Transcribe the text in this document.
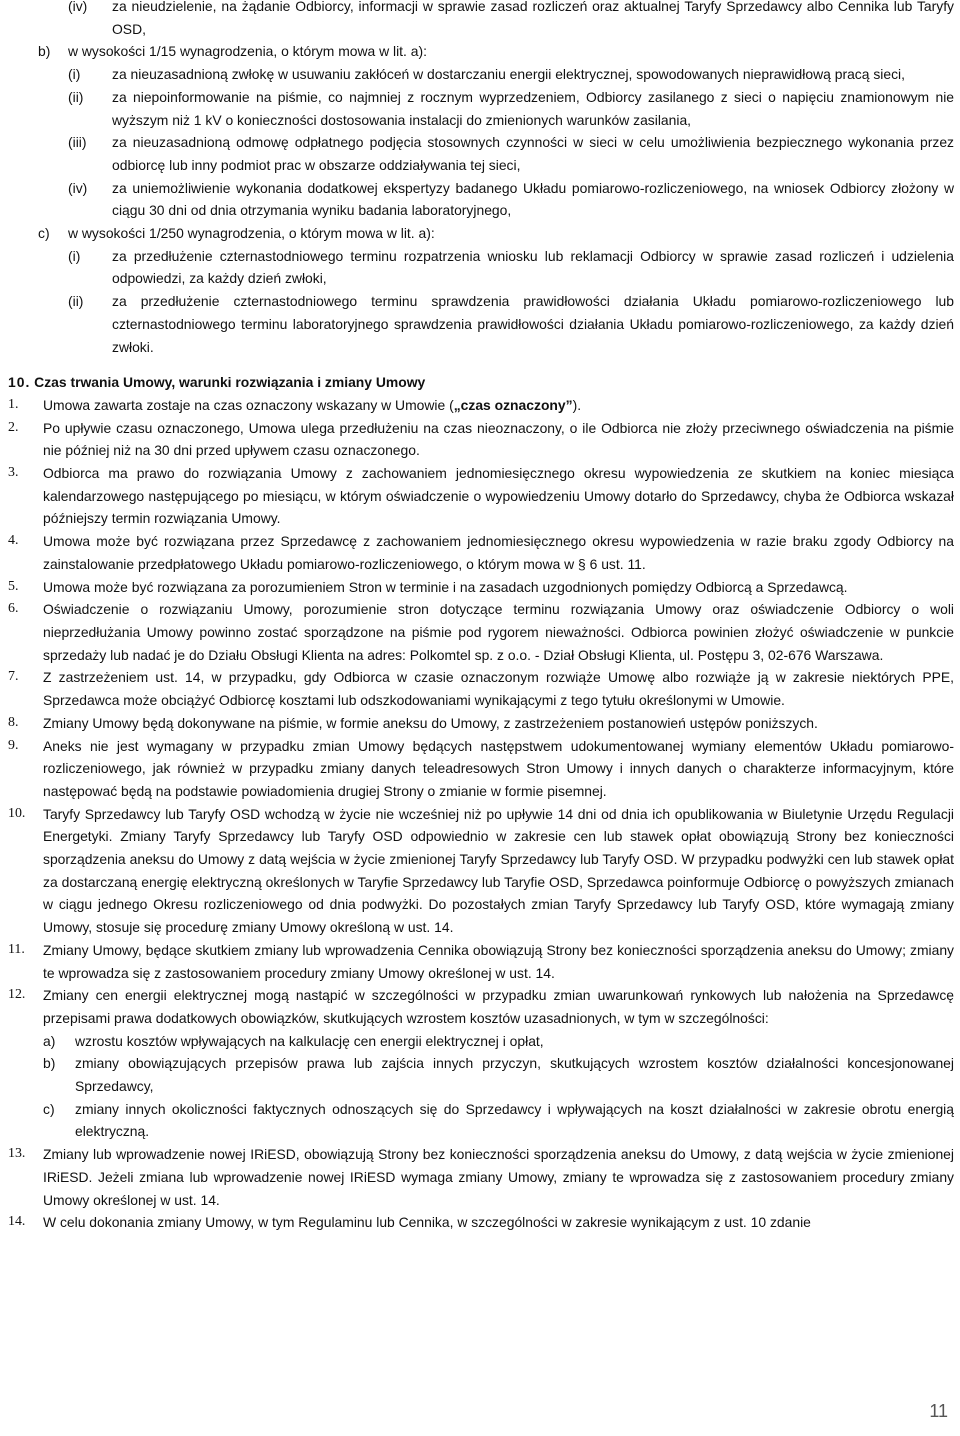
(iv)	za nieudzielenie, na żądanie Odbiorcy, informacji w sprawie zasad rozliczeń oraz aktualnej Taryfy Sprzedawcy albo Cennika lub Taryfy OSD,
b)	w wysokości 1/15 wynagrodzenia, o którym mowa w lit. a):
(i)	za nieuzasadnioną zwłokę w usuwaniu zakłóceń w dostarczaniu energii elektrycznej, spowodowanych nieprawidłową pracą sieci,
(ii)	za niepoinformowanie na piśmie, co najmniej z rocznym wyprzedzeniem, Odbiorcy zasilanego z sieci o napięciu znamionowym nie wyższym niż 1 kV o konieczności dostosowania instalacji do zmienionych warunków zasilania,
(iii)	za nieuzasadnioną odmowę odpłatnego podjęcia stosownych czynności w sieci w celu umożliwienia bezpiecznego wykonania przez odbiorcę lub inny podmiot prac w obszarze oddziaływania tej sieci,
(iv)	za uniemożliwienie wykonania dodatkowej ekspertyzy badanego Układu pomiarowo-rozliczeniowego, na wniosek Odbiorcy złożony w ciągu 30 dni od dnia otrzymania wyniku badania laboratoryjnego,
c)	w wysokości 1/250 wynagrodzenia, o którym mowa w lit. a):
(i)	za przedłużenie czternastodniowego terminu rozpatrzenia wniosku lub reklamacji Odbiorcy w sprawie zasad rozliczeń i udzielenia odpowiedzi, za każdy dzień zwłoki,
(ii)	za przedłużenie czternastodniowego terminu sprawdzenia prawidłowości działania Układu pomiarowo-rozliczeniowego lub czternastodniowego terminu laboratoryjnego sprawdzenia prawidłowości działania Układu pomiarowo-rozliczeniowego, za każdy dzień zwłoki.
10. Czas trwania Umowy, warunki rozwiązania i zmiany Umowy
1. Umowa zawarta zostaje na czas oznaczony wskazany w Umowie („czas oznaczony”).
2. Po upływie czasu oznaczonego, Umowa ulega przedłużeniu na czas nieoznaczony, o ile Odbiorca nie złoży przeciwnego oświadczenia na piśmie nie później niż na 30 dni przed upływem czasu oznaczonego.
3. Odbiorca ma prawo do rozwiązania Umowy z zachowaniem jednomiesięcznego okresu wypowiedzenia ze skutkiem na koniec miesiąca kalendarzowego następującego po miesiącu, w którym oświadczenie o wypowiedzeniu Umowy dotarło do Sprzedawcy, chyba że Odbiorca wskazał późniejszy termin rozwiązania Umowy.
4. Umowa może być rozwiązana przez Sprzedawcę z zachowaniem jednomiesięcznego okresu wypowiedzenia w razie braku zgody Odbiorcy na zainstalowanie przedpłatowego Układu pomiarowo-rozliczeniowego, o którym mowa w § 6 ust. 11.
5. Umowa może być rozwiązana za porozumieniem Stron w terminie i na zasadach uzgodnionych pomiędzy Odbiorcą a Sprzedawcą.
6. Oświadczenie o rozwiązaniu Umowy, porozumienie stron dotyczące terminu rozwiązania Umowy oraz oświadczenie Odbiorcy o woli nieprzedłużania Umowy powinno zostać sporządzone na piśmie pod rygorem nieważności. Odbiorca powinien złożyć oświadczenie w punkcie sprzedaży lub nadać je do Działu Obsługi Klienta na adres: Polkomtel sp. z o.o. - Dział Obsługi Klienta, ul. Postępu 3, 02-676 Warszawa.
7. Z zastrzeżeniem ust. 14, w przypadku, gdy Odbiorca w czasie oznaczonym rozwiąże Umowę albo rozwiąże ją w zakresie niektórych PPE, Sprzedawca może obciążyć Odbiorcę kosztami lub odszkodowaniami wynikającymi z tego tytułu określonymi w Umowie.
8. Zmiany Umowy będą dokonywane na piśmie, w formie aneksu do Umowy, z zastrzeżeniem postanowień ustępów poniższych.
9. Aneks nie jest wymagany w przypadku zmian Umowy będących następstwem udokumentowanej wymiany elementów Układu pomiarowo-rozliczeniowego, jak również w przypadku zmiany danych teleadresowych Stron Umowy i innych danych o charakterze informacyjnym, które następować będą na podstawie powiadomienia drugiej Strony o zmianie w formie pisemnej.
10. Taryfy Sprzedawcy lub Taryfy OSD wchodzą w życie nie wcześniej niż po upływie 14 dni od dnia ich opublikowania w Biuletynie Urzędu Regulacji Energetyki. Zmiany Taryfy Sprzedawcy lub Taryfy OSD odpowiednio w zakresie cen lub stawek opłat obowiązują Strony bez konieczności sporządzenia aneksu do Umowy z datą wejścia w życie zmienionej Taryfy Sprzedawcy lub Taryfy OSD. W przypadku podwyżki cen lub stawek opłat za dostarczaną energię elektryczną określonych w Taryfie Sprzedawcy lub Taryfie OSD, Sprzedawca poinformuje Odbiorcę o powyższych zmianach w ciągu jednego Okresu rozliczeniowego od dnia podwyżki. Do pozostałych zmian Taryfy Sprzedawcy lub Taryfy OSD, które wymagają zmiany Umowy, stosuje się procedurę zmiany Umowy określoną w ust. 14.
11. Zmiany Umowy, będące skutkiem zmiany lub wprowadzenia Cennika obowiązują Strony bez konieczności sporządzenia aneksu do Umowy; zmiany te wprowadza się z zastosowaniem procedury zmiany Umowy określonej w ust. 14.
12. Zmiany cen energii elektrycznej mogą nastąpić w szczególności w przypadku zmian uwarunkowań rynkowych lub nałożenia na Sprzedawcę przepisami prawa dodatkowych obowiązków, skutkujących wzrostem kosztów uzasadnionych, w tym w szczególności:
a) wzrostu kosztów wpływających na kalkulację cen energii elektrycznej i opłat,
b) zmiany obowiązujących przepisów prawa lub zajścia innych przyczyn, skutkujących wzrostem kosztów działalności koncesjonowanej Sprzedawcy,
c) zmiany innych okoliczności faktycznych odnoszących się do Sprzedawcy i wpływających na koszt działalności w zakresie obrotu energią elektryczną.
13. Zmiany lub wprowadzenie nowej IRiESD, obowiązują Strony bez konieczności sporządzenia aneksu do Umowy, z datą wejścia w życie zmienionej IRiESD. Jeżeli zmiana lub wprowadzenie nowej IRiESD wymaga zmiany Umowy, zmiany te wprowadza się z zastosowaniem procedury zmiany Umowy określonej w ust. 14.
14. W celu dokonania zmiany Umowy, w tym Regulaminu lub Cennika, w szczególności w zakresie wynikającym z ust. 10 zdanie
11
